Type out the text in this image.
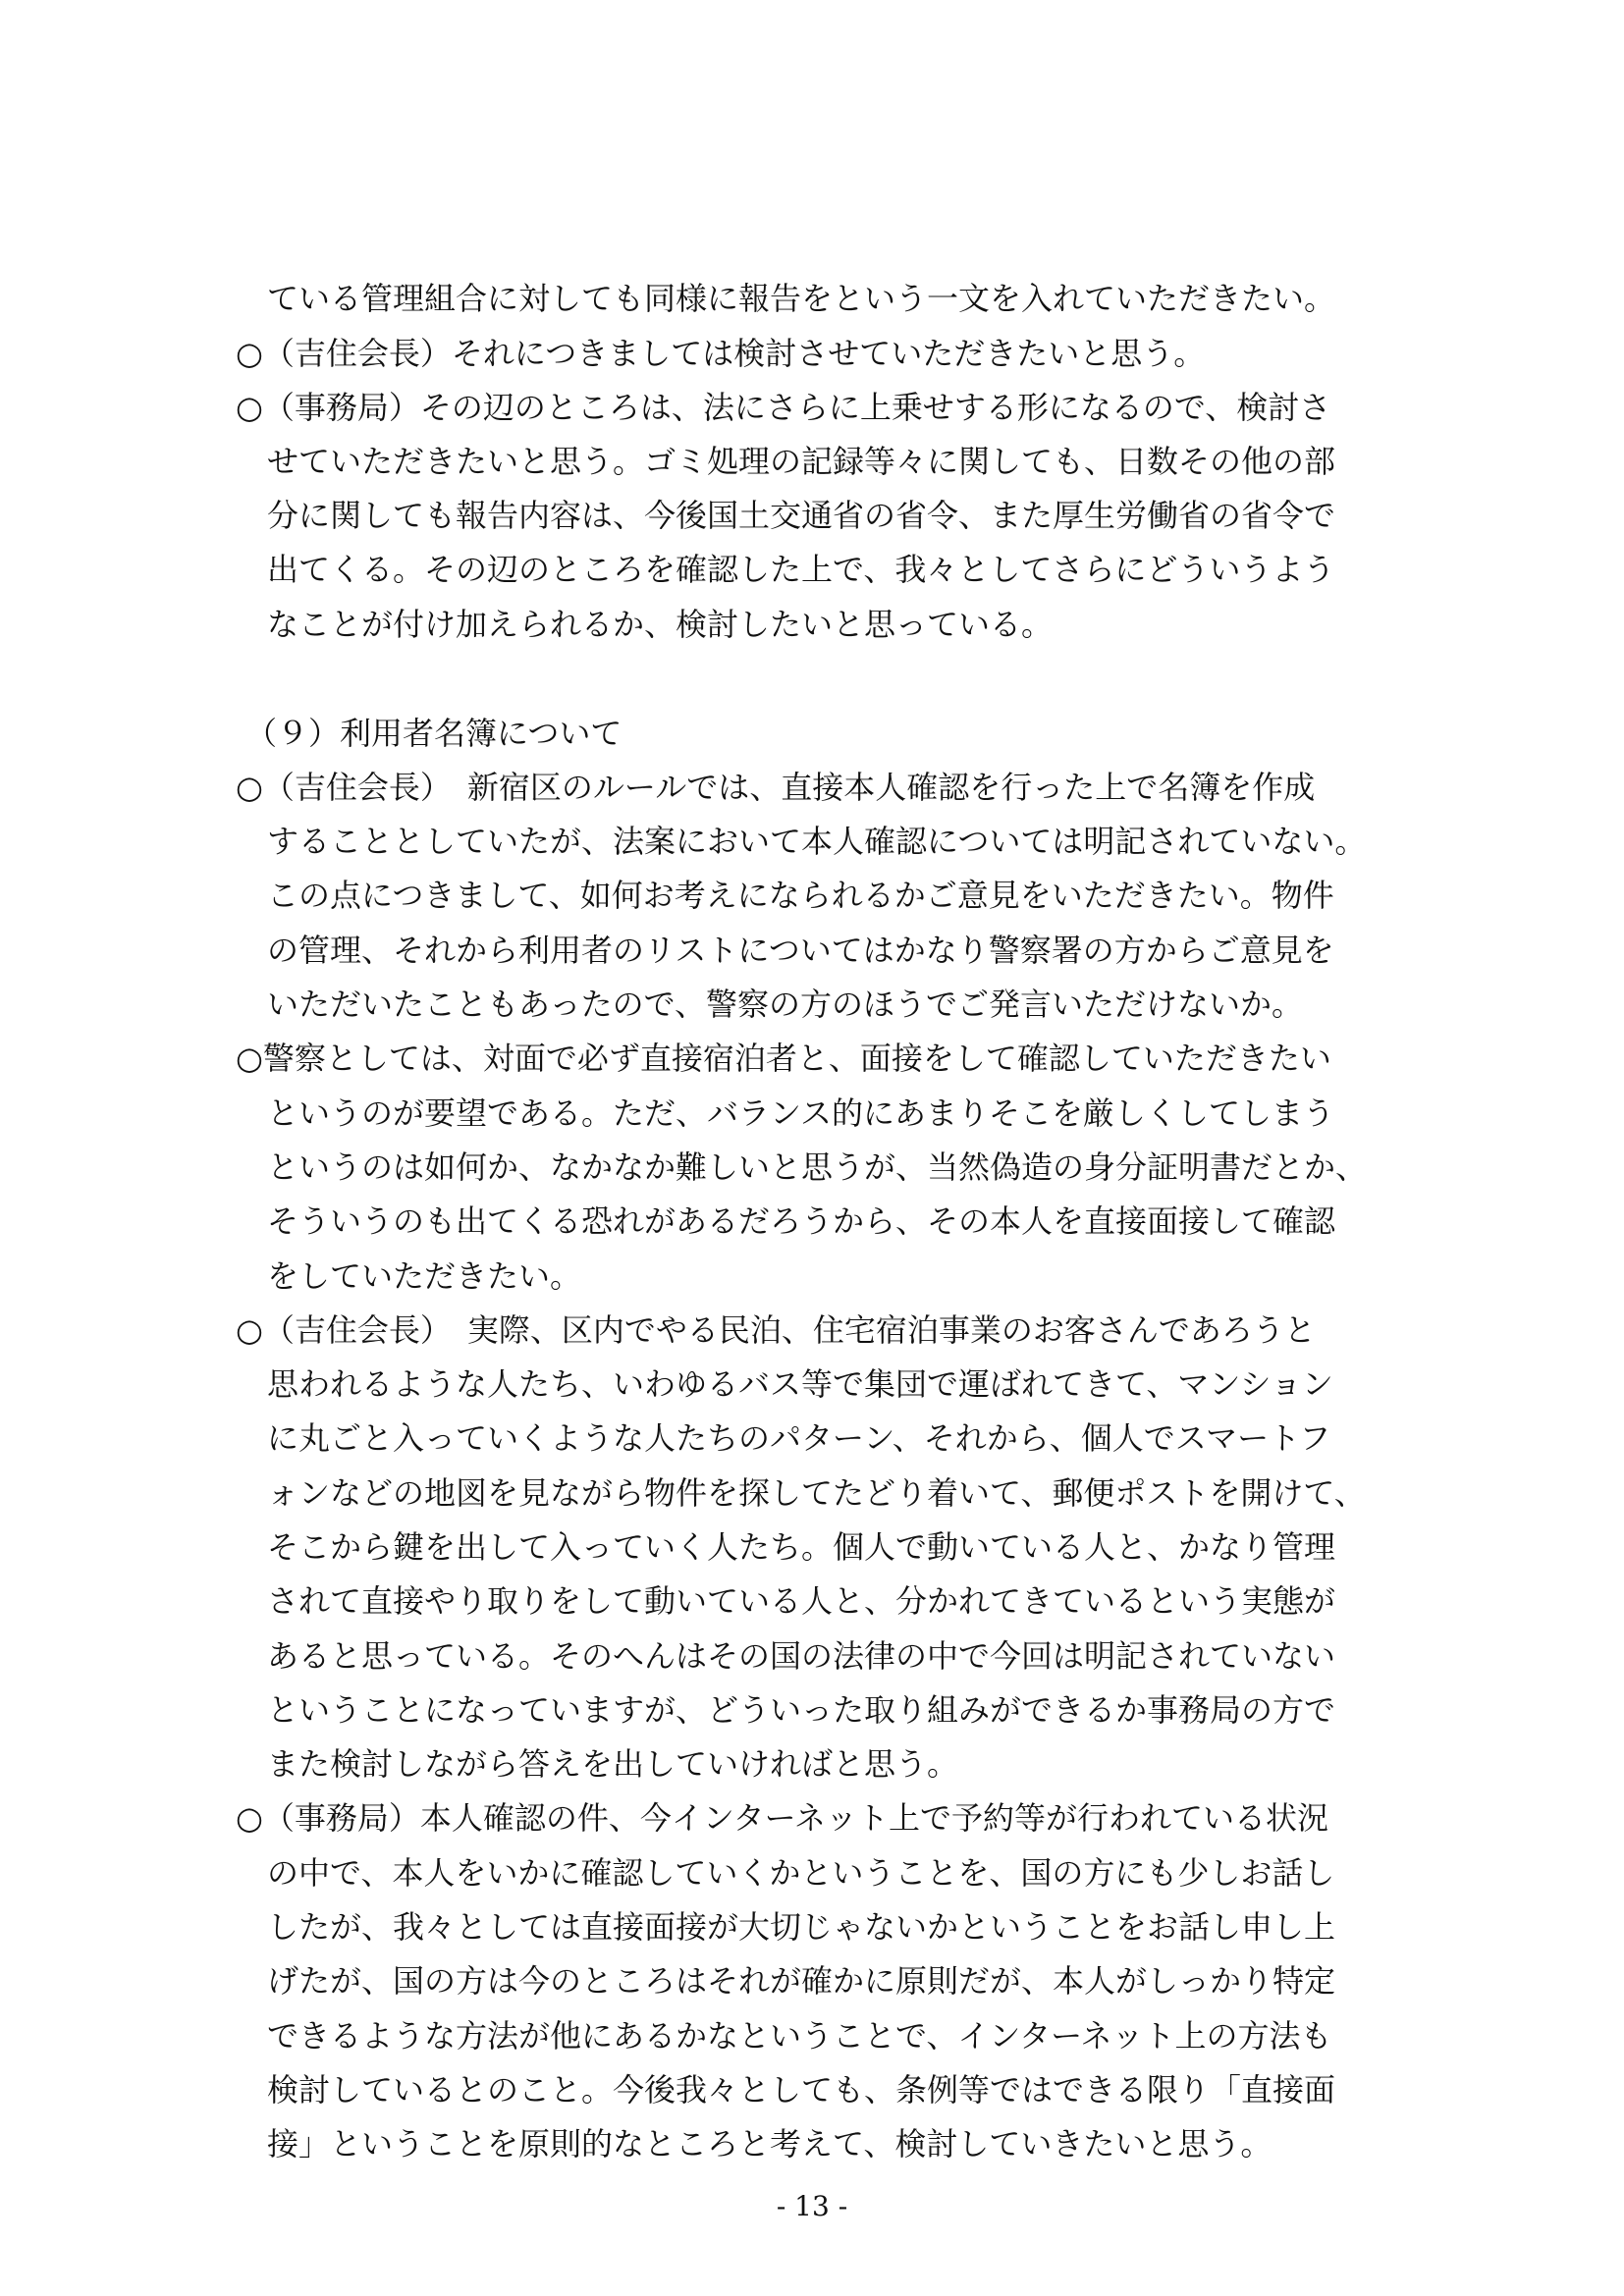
　ている管理組合に対しても同様に報告をという一文を入れていただきたい。
○（吉住会長）それにつきましては検討させていただきたいと思う。
○（事務局）その辺のところは、法にさらに上乗せする形になるので、検討さ
　せていただきたいと思う。ゴミ処理の記録等々に関しても、日数その他の部
　分に関しても報告内容は、今後国土交通省の省令、また厚生労働省の省令で
　出てくる。その辺のところを確認した上で、我々としてさらにどういうよう
　なことが付け加えられるか、検討したいと思っている。
（９）利用者名簿について
○（吉住会長）　新宿区のルールでは、直接本人確認を行った上で名簿を作成
　することとしていたが、法案において本人確認については明記されていない。
　この点につきまして、如何お考えになられるかご意見をいただきたい。物件
　の管理、それから利用者のリストについてはかなり警察署の方からご意見を
　いただいたこともあったので、警察の方のほうでご発言いただけないか。
○警察としては、対面で必ず直接宿泊者と、面接をして確認していただきたい
　というのが要望である。ただ、バランス的にあまりそこを厳しくしてしまう
　というのは如何か、なかなか難しいと思うが、当然偽造の身分証明書だとか、
　そういうのも出てくる恐れがあるだろうから、その本人を直接面接して確認
　をしていただきたい。
○（吉住会長）　実際、区内でやる民泊、住宅宿泊事業のお客さんであろうと
　思われるような人たち、いわゆるバス等で集団で運ばれてきて、マンション
　に丸ごと入っていくような人たちのパターン、それから、個人でスマートフ
　ォンなどの地図を見ながら物件を探してたどり着いて、郵便ポストを開けて、
　そこから鍵を出して入っていく人たち。個人で動いている人と、かなり管理
　されて直接やり取りをして動いている人と、分かれてきているという実態が
　あると思っている。そのへんはその国の法律の中で今回は明記されていない
　ということになっていますが、どういった取り組みができるか事務局の方で
　また検討しながら答えを出していければと思う。
○（事務局）本人確認の件、今インターネット上で予約等が行われている状況
　の中で、本人をいかに確認していくかということを、国の方にも少しお話し
　したが、我々としては直接面接が大切じゃないかということをお話し申し上
　げたが、国の方は今のところはそれが確かに原則だが、本人がしっかり特定
　できるような方法が他にあるかなということで、インターネット上の方法も
　検討しているとのこと。今後我々としても、条例等ではできる限り「直接面
　接」ということを原則的なところと考えて、検討していきたいと思う。
- 13 -
